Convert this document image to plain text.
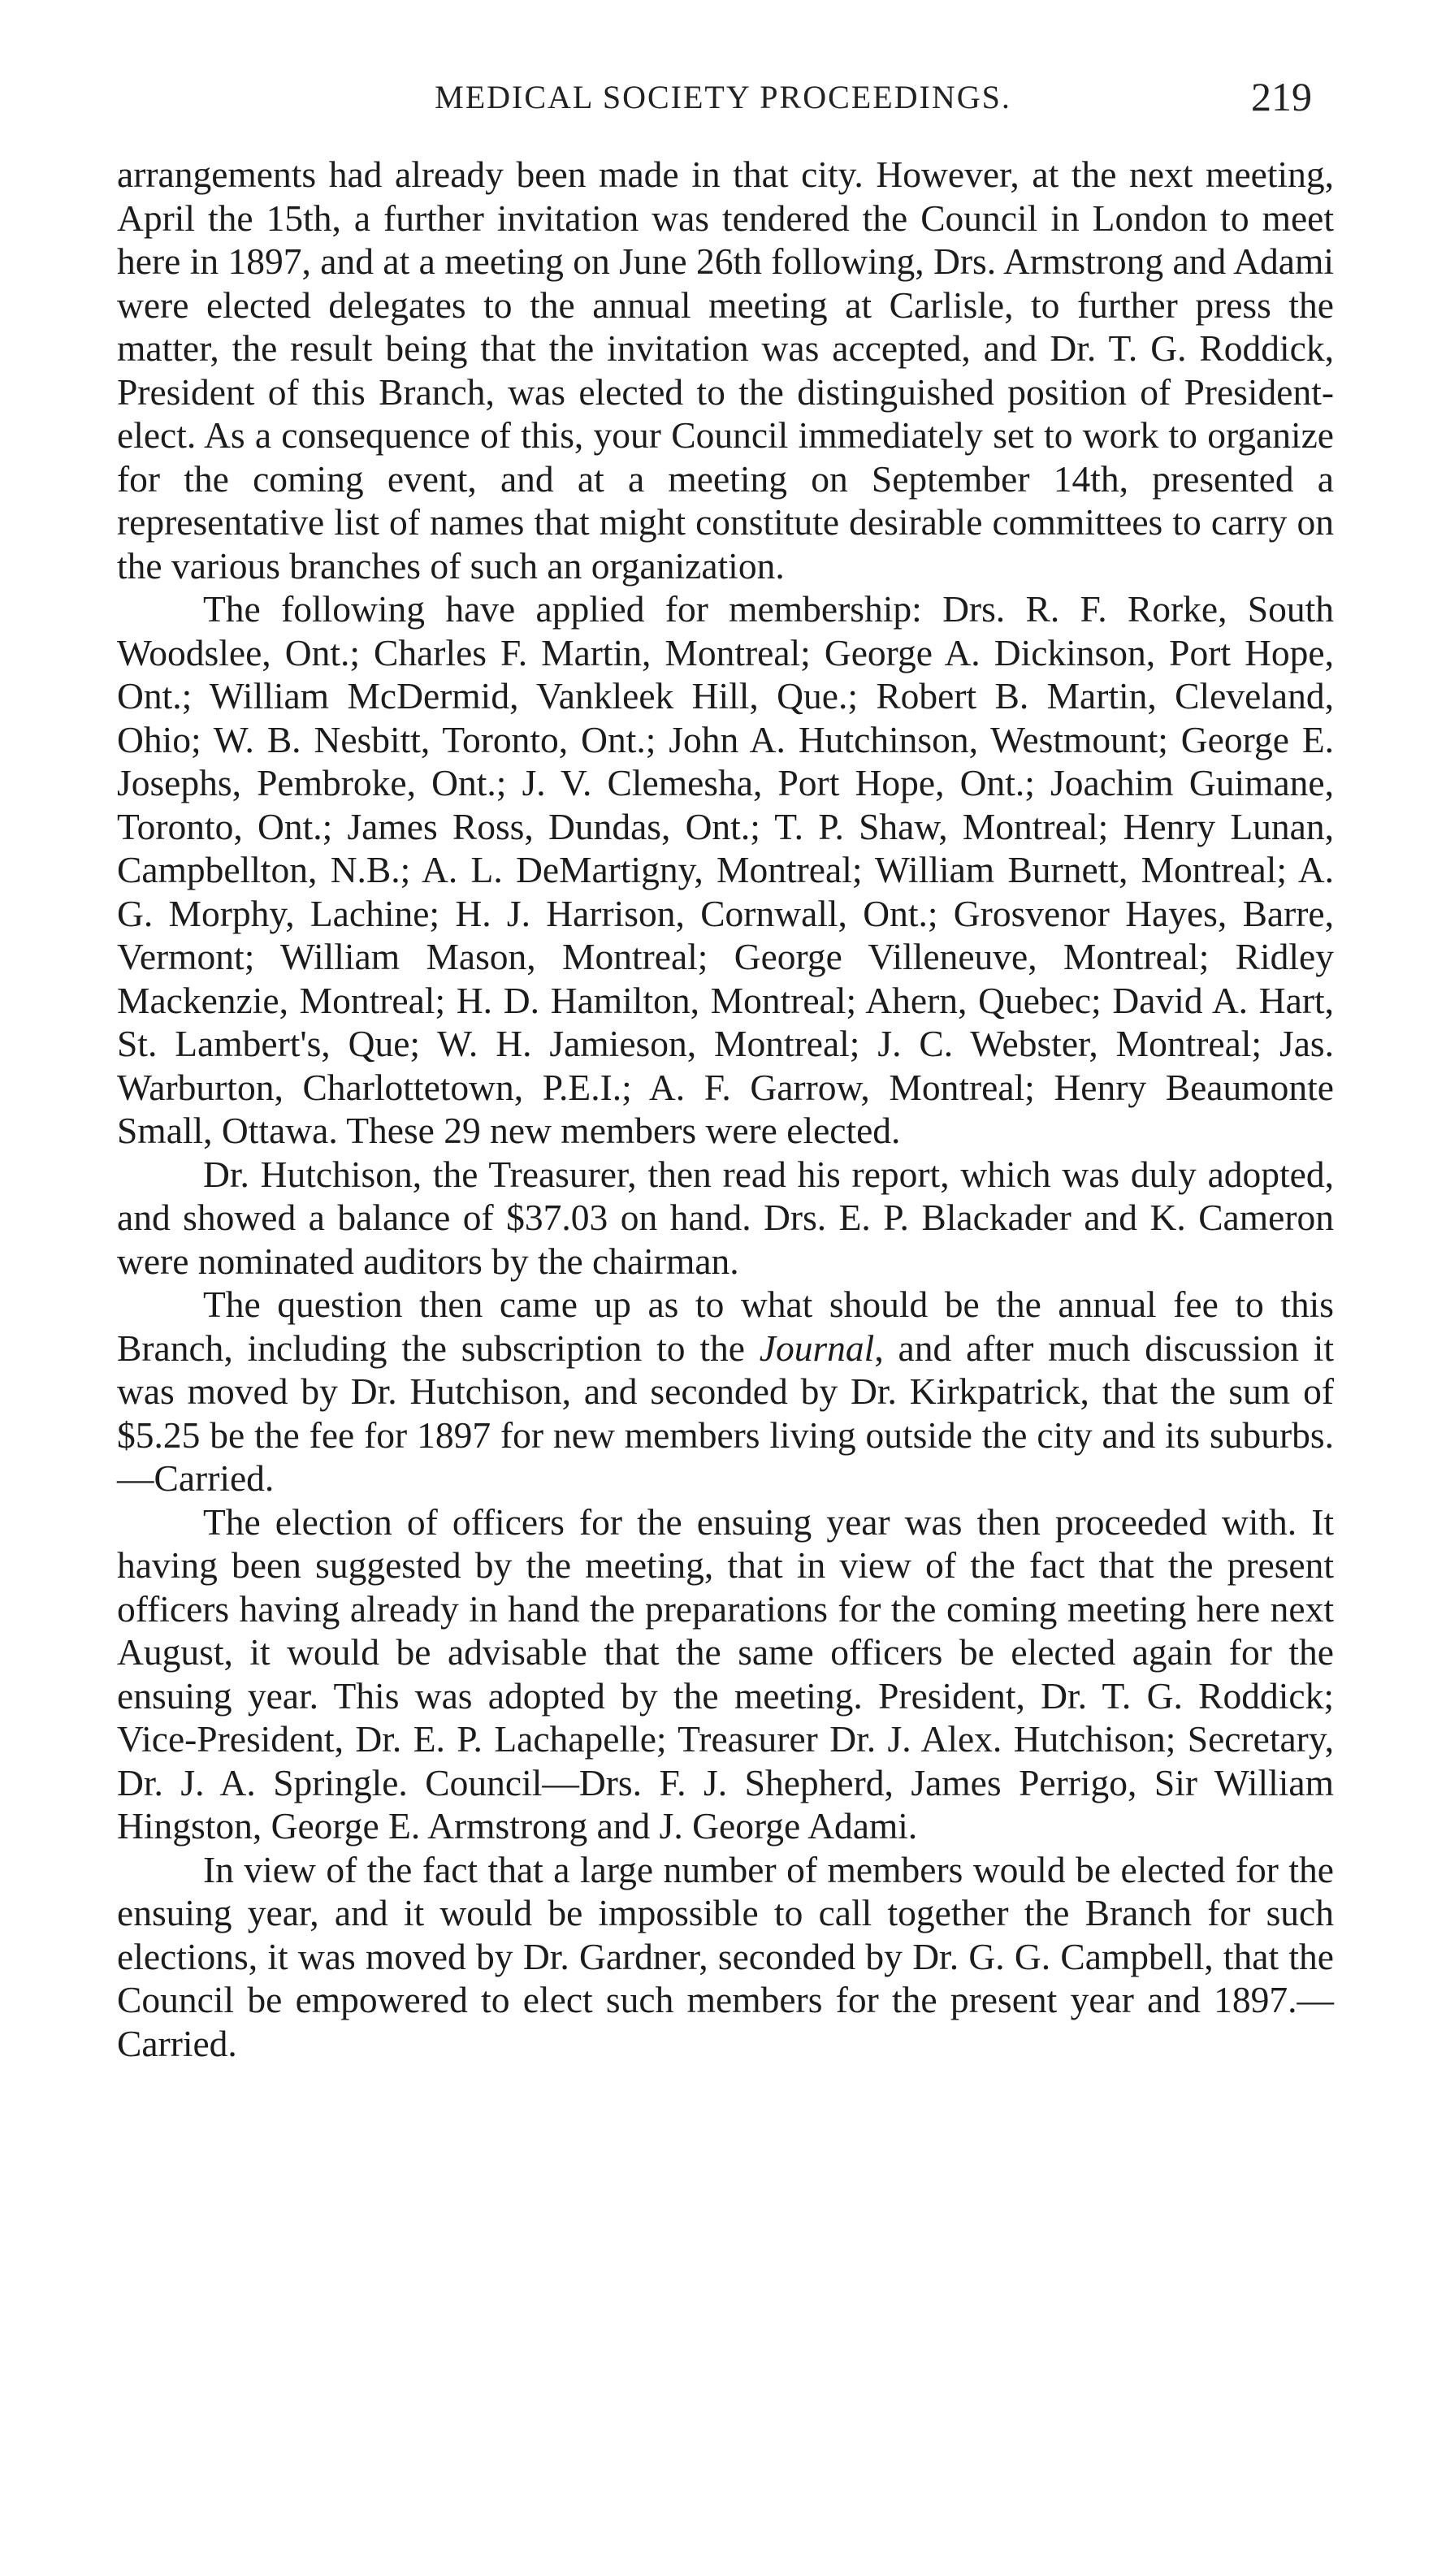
MEDICAL SOCIETY PROCEEDINGS.	219

arrangements had already been made in that city. However, at the next meeting, April the 15th, a further invitation was tendered the Council in London to meet here in 1897, and at a meeting on June 26th following, Drs. Armstrong and Adami were elected delegates to the annual meeting at Carlisle, to further press the matter, the result being that the invitation was accepted, and Dr. T. G. Roddick, President of this Branch, was elected to the distinguished position of President-elect. As a consequence of this, your Council immediately set to work to organize for the coming event, and at a meeting on September 14th, presented a representative list of names that might constitute desirable committees to carry on the various branches of such an organization.

The following have applied for membership: Drs. R. F. Rorke, South Woodslee, Ont.; Charles F. Martin, Montreal; George A. Dickinson, Port Hope, Ont.; William McDermid, Vankleek Hill, Que.; Robert B. Martin, Cleveland, Ohio; W. B. Nesbitt, Toronto, Ont.; John A. Hutchinson, Westmount; George E. Josephs, Pembroke, Ont.; J. V. Clemesha, Port Hope, Ont.; Joachim Guimane, Toronto, Ont.; James Ross, Dundas, Ont.; T. P. Shaw, Montreal; Henry Lunan, Campbellton, N.B.; A. L. DeMartigny, Montreal; William Burnett, Montreal; A. G. Morphy, Lachine; H. J. Harrison, Cornwall, Ont.; Grosvenor Hayes, Barre, Vermont; William Mason, Montreal; George Villeneuve, Montreal; Ridley Mackenzie, Montreal; H. D. Hamilton, Montreal; Ahern, Quebec; David A. Hart, St. Lambert's, Que; W. H. Jamieson, Montreal; J. C. Webster, Montreal; Jas. Warburton, Charlottetown, P.E.I.; A. F. Garrow, Montreal; Henry Beaumonte Small, Ottawa. These 29 new members were elected.

Dr. Hutchison, the Treasurer, then read his report, which was duly adopted, and showed a balance of $37.03 on hand. Drs. E. P. Blackader and K. Cameron were nominated auditors by the chairman.

The question then came up as to what should be the annual fee to this Branch, including the subscription to the Journal, and after much discussion it was moved by Dr. Hutchison, and seconded by Dr. Kirkpatrick, that the sum of $5.25 be the fee for 1897 for new members living outside the city and its suburbs.—Carried.

The election of officers for the ensuing year was then proceeded with. It having been suggested by the meeting, that in view of the fact that the present officers having already in hand the preparations for the coming meeting here next August, it would be advisable that the same officers be elected again for the ensuing year. This was adopted by the meeting. President, Dr. T. G. Roddick; Vice-President, Dr. E. P. Lachapelle; Treasurer Dr. J. Alex. Hutchison; Secretary, Dr. J. A. Springle. Council—Drs. F. J. Shepherd, James Perrigo, Sir William Hingston, George E. Armstrong and J. George Adami.

In view of the fact that a large number of members would be elected for the ensuing year, and it would be impossible to call together the Branch for such elections, it was moved by Dr. Gardner, seconded by Dr. G. G. Campbell, that the Council be empowered to elect such members for the present year and 1897.—Carried.
